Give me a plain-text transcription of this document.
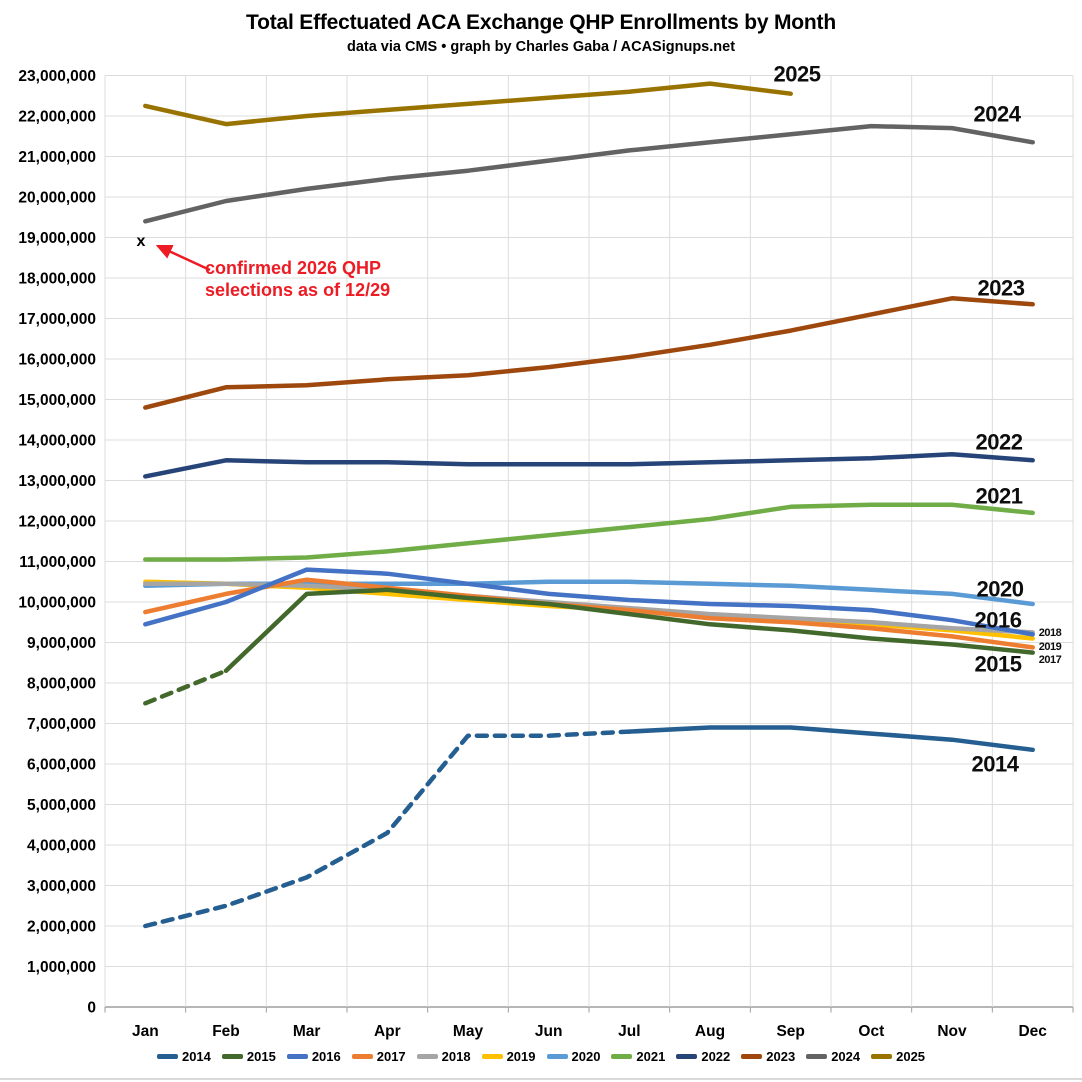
Total Effectuated ACA Exchange QHP Enrollments by Month
data via CMS • graph by Charles Gaba / ACASignups.net
0
1,000,000
2,000,000
3,000,000
4,000,000
5,000,000
6,000,000
7,000,000
8,000,000
9,000,000
10,000,000
11,000,000
12,000,000
13,000,000
14,000,000
15,000,000
16,000,000
17,000,000
18,000,000
19,000,000
20,000,000
21,000,000
22,000,000
23,000,000
Jan	Feb	Mar	Apr	May	Jun	Jul	Aug	Sep	Oct	Nov	Dec
2014
2015
2016
2017
2018
2019
2020
2021
2022
2023
2024
2025
x
confirmed 2026 QHP
selections as of 12/29
2014	2015	2016	2017	2018	2019	2020	2021	2022	2023	2024	2025
